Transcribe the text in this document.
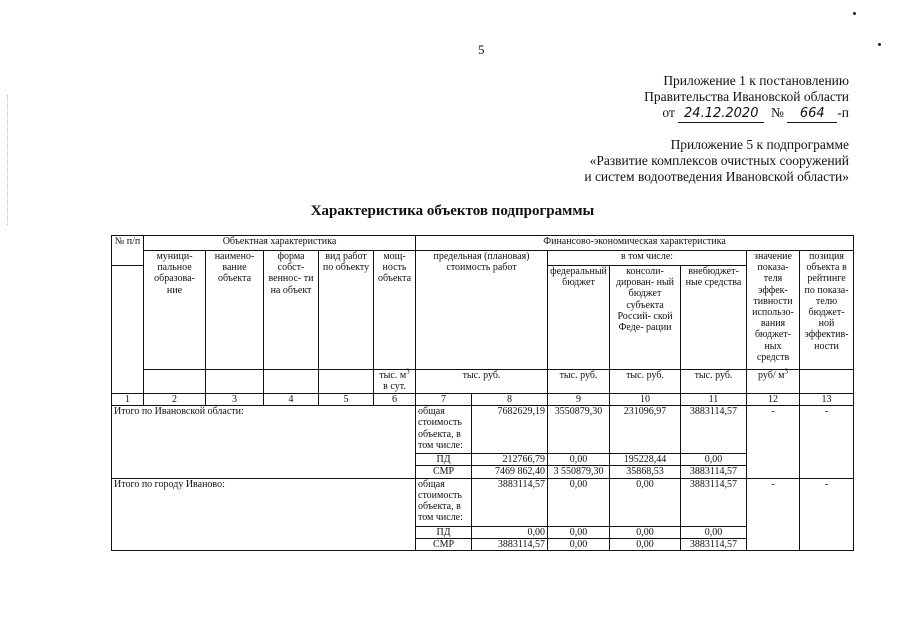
5
Приложение 1 к постановлению
Правительства Ивановской области
от 24.12.2020 № 664 -п
Приложение 5 к подпрограмме
«Развитие комплексов очистных сооружений
и систем водоотведения Ивановской области»
Характеристика объектов подпрограммы
№ п/п	Объектная характеристика					Финансово-экономическая характеристика						
	муници- пальное образова- ние	наимено- вание объекта	форма собст- веннос- ти на объект	вид работ по объекту	мощ- ность объекта	предельная (плановая) стоимость работ		в том числе:			значение показа- теля эффек- тивности использо- вания бюджет- ных средств	позиция объекта в рейтинге по показа- телю бюджет- ной эффектив- ности
								федеральный бюджет	консоли- дирован- ный бюджет субъекта Россий- ской Феде- рации	внебюджет- ные средства		
					тыс. $м^3$ в сут.	тыс. руб.		тыс. руб.	тыс. руб.	тыс. руб.	руб/ $м^3$	
1	2	3	4	5	6	7	8	9	10	11	12	13
Итого по Ивановской области:						общая стоимость объекта, в том числе:	7682629,19	3550879,30	231096,97	3883114,57	-	-
						ПД	212766,79	0,00	195228,44	0,00		
						СМР	7469 862,40	3 550879,30	35868,53	3883114,57		
Итого по городу Иваново:						общая стоимость объекта, в том числе:	3883114,57	0,00	0,00	3883114,57	-	-
						ПД	0,00	0,00	0,00	0,00		
						СМР	3883114,57	0,00	0,00	3883114,57		
